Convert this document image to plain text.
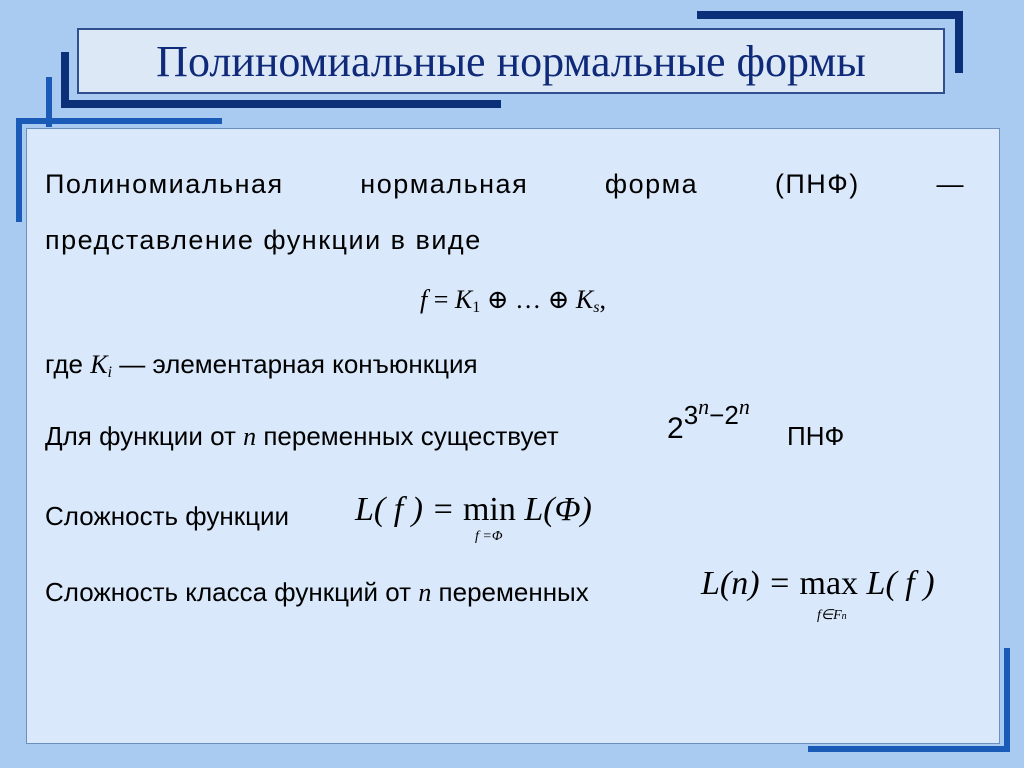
Полиномиальные нормальные формы
Полиномиальная	нормальная	форма	(ПНФ)	—
представление функции в виде
$f = K_1$ ⊕ … ⊕ $K_s$,
где $K_i$ — элементарная конъюнкция
Для функции от n переменных существует	$23^n-2^n$
ПНФ
Сложность функции L( f ) = min L(Φ)
f =Φ
Сложность класса функций от n переменных	L(n) = max L( f )
f∈Fn
